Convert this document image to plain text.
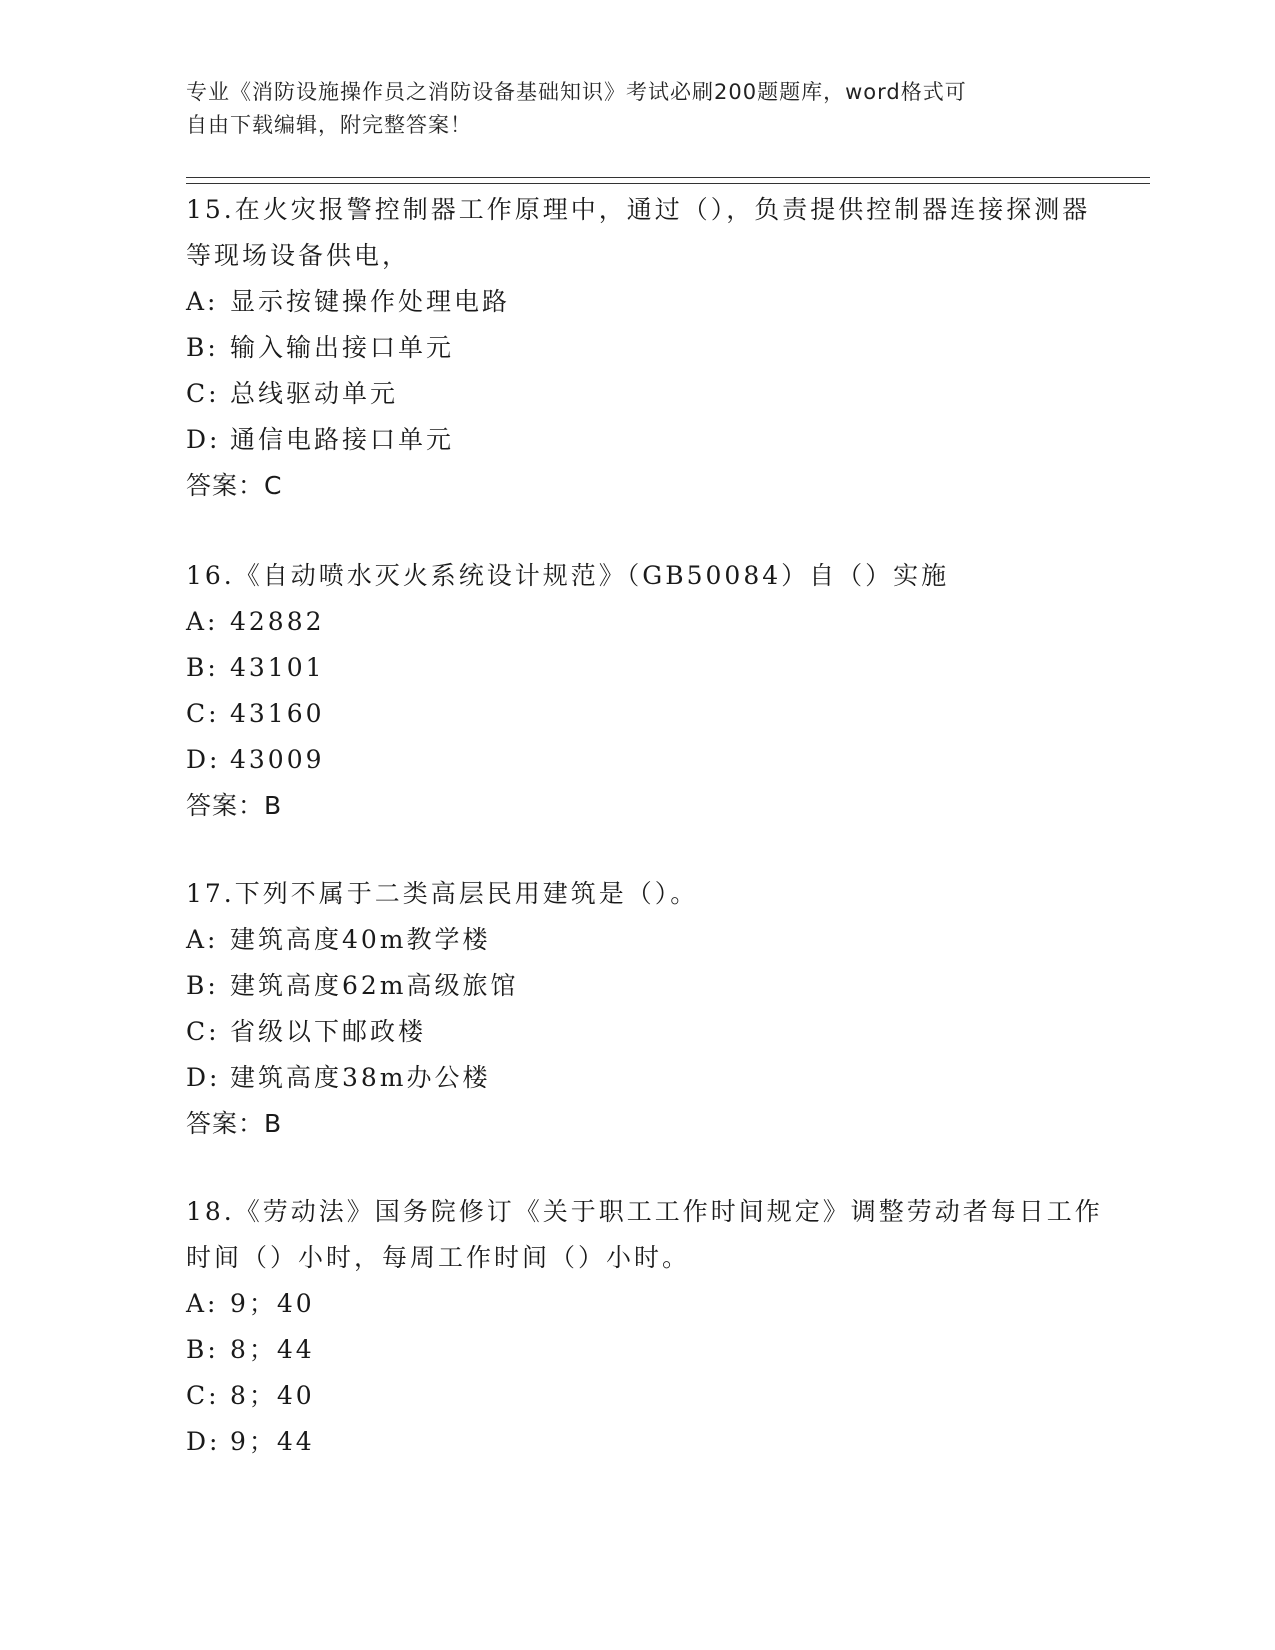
专业《消防设施操作员之消防设备基础知识》考试必刷200题题库，word格式可
自由下载编辑，附完整答案！
15.在火灾报警控制器工作原理中，通过（），负责提供控制器连接探测器等现场设备供电，
A: 显示按键操作处理电路
B: 输入输出接口单元
C: 总线驱动单元
D: 通信电路接口单元
答案：C
16.《自动喷水灭火系统设计规范》（GB50084）自（）实施
A: 42882
B: 43101
C: 43160
D: 43009
答案：B
17.下列不属于二类高层民用建筑是（）。
A: 建筑高度40m教学楼
B: 建筑高度62m高级旅馆
C: 省级以下邮政楼
D: 建筑高度38m办公楼
答案：B
18.《劳动法》国务院修订《关于职工工作时间规定》调整劳动者每日工作时间（）小时，每周工作时间（）小时。
A: 9；40
B: 8；44
C: 8；40
D: 9；44
